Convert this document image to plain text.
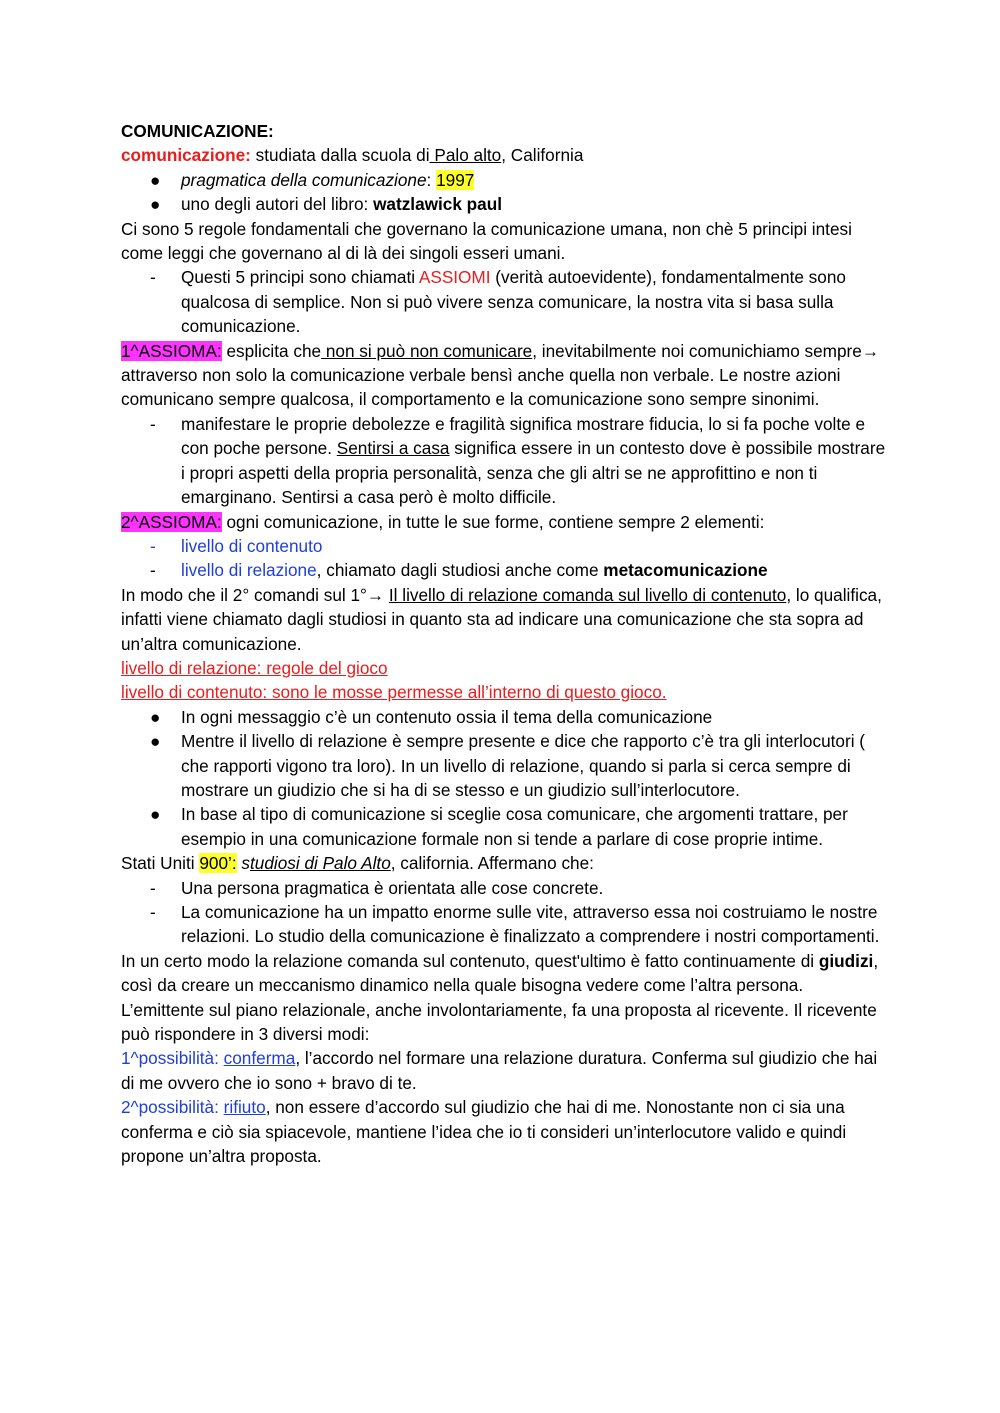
COMUNICAZIONE:

comunicazione: studiata dalla scuola di Palo alto, California

● pragmatica della comunicazione: 1997
● uno degli autori del libro: watzlawick paul

Ci sono 5 regole fondamentali che governano la comunicazione umana, non chè 5 principi intesi come leggi che governano al di là dei singoli esseri umani.

- Questi 5 principi sono chiamati ASSIOMI (verità autoevidente), fondamentalmente sono qualcosa di semplice. Non si può vivere senza comunicare, la nostra vita si basa sulla comunicazione.

1^ASSIOMA: esplicita che non si può non comunicare, inevitabilmente noi comunichiamo sempre→ attraverso non solo la comunicazione verbale bensì anche quella non verbale. Le nostre azioni comunicano sempre qualcosa, il comportamento e la comunicazione sono sempre sinonimi.

- manifestare le proprie debolezze e fragilità significa mostrare fiducia, lo si fa poche volte e con poche persone. Sentirsi a casa significa essere in un contesto dove è possibile mostrare i propri aspetti della propria personalità, senza che gli altri se ne approfittino e non ti emarginano. Sentirsi a casa però è molto difficile.

2^ASSIOMA: ogni comunicazione, in tutte le sue forme, contiene sempre 2 elementi:

- livello di contenuto
- livello di relazione, chiamato dagli studiosi anche come metacomunicazione

In modo che il 2° comandi sul 1°→ Il livello di relazione comanda sul livello di contenuto, lo qualifica, infatti viene chiamato dagli studiosi in quanto sta ad indicare una comunicazione che sta sopra ad un’altra comunicazione.

livello di relazione: regole del gioco

livello di contenuto: sono le mosse permesse all’interno di questo gioco.

● In ogni messaggio c’è un contenuto ossia il tema della comunicazione
● Mentre il livello di relazione è sempre presente e dice che rapporto c’è tra gli interlocutori ( che rapporti vigono tra loro). In un livello di relazione, quando si parla si cerca sempre di mostrare un giudizio che si ha di se stesso e un giudizio sull’interlocutore.
● In base al tipo di comunicazione si sceglie cosa comunicare, che argomenti trattare, per esempio in una comunicazione formale non si tende a parlare di cose proprie intime.

Stati Uniti 900’: studiosi di Palo Alto, california. Affermano che:

- Una persona pragmatica è orientata alle cose concrete.
- La comunicazione ha un impatto enorme sulle vite, attraverso essa noi costruiamo le nostre relazioni. Lo studio della comunicazione è finalizzato a comprendere i nostri comportamenti.

In un certo modo la relazione comanda sul contenuto, quest'ultimo è fatto continuamente di giudizi, così da creare un meccanismo dinamico nella quale bisogna vedere come l’altra persona. L’emittente sul piano relazionale, anche involontariamente, fa una proposta al ricevente. Il ricevente può rispondere in 3 diversi modi:

1^possibilità: conferma, l’accordo nel formare una relazione duratura. Conferma sul giudizio che hai di me ovvero che io sono + bravo di te.

2^possibilità: rifiuto, non essere d’accordo sul giudizio che hai di me. Nonostante non ci sia una conferma e ciò sia spiacevole, mantiene l’idea che io ti consideri un’interlocutore valido e quindi propone un’altra proposta.
